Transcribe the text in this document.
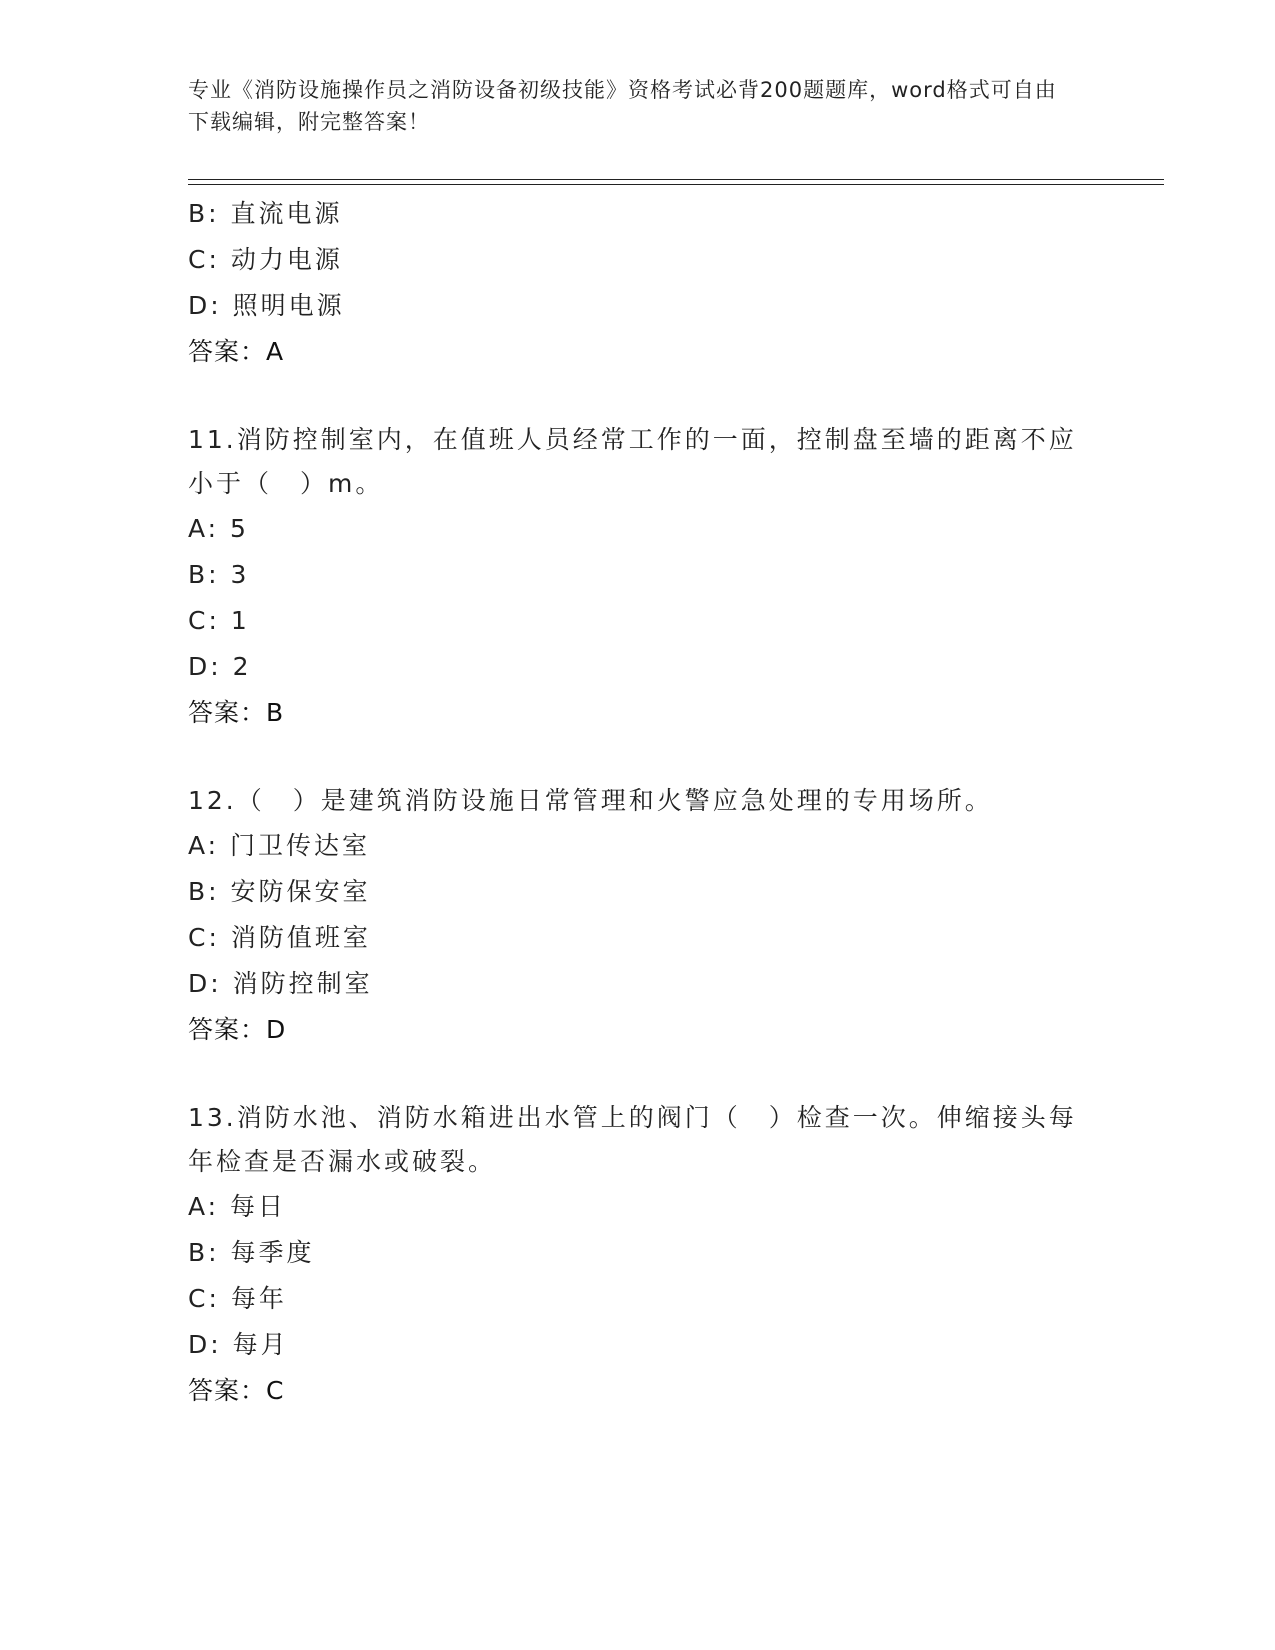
专业《消防设施操作员之消防设备初级技能》资格考试必背200题题库，word格式可自由下载编辑，附完整答案！
B: 直流电源
C: 动力电源
D: 照明电源
答案：A
11.消防控制室内，在值班人员经常工作的一面，控制盘至墙的距离不应小于（　）m。
A: 5
B: 3
C: 1
D: 2
答案：B
12.（　）是建筑消防设施日常管理和火警应急处理的专用场所。
A: 门卫传达室
B: 安防保安室
C: 消防值班室
D: 消防控制室
答案：D
13.消防水池、消防水箱进出水管上的阀门（　）检查一次。伸缩接头每年检查是否漏水或破裂。
A: 每日
B: 每季度
C: 每年
D: 每月
答案：C
